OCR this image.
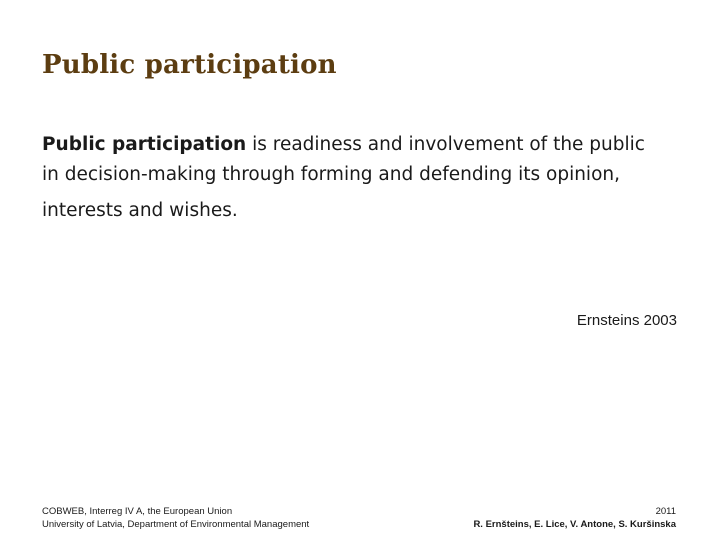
Public participation

Public participation is readiness and involvement of the public
in decision-making through forming and defending its opinion,
interests and wishes.

Ernsteins 2003
COBWEB, Interreg IV A, the European Union
University of Latvia, Department of Environmental Management
2011
R. Ernšteins, E. Lice, V. Antone, S. Kuršinska
